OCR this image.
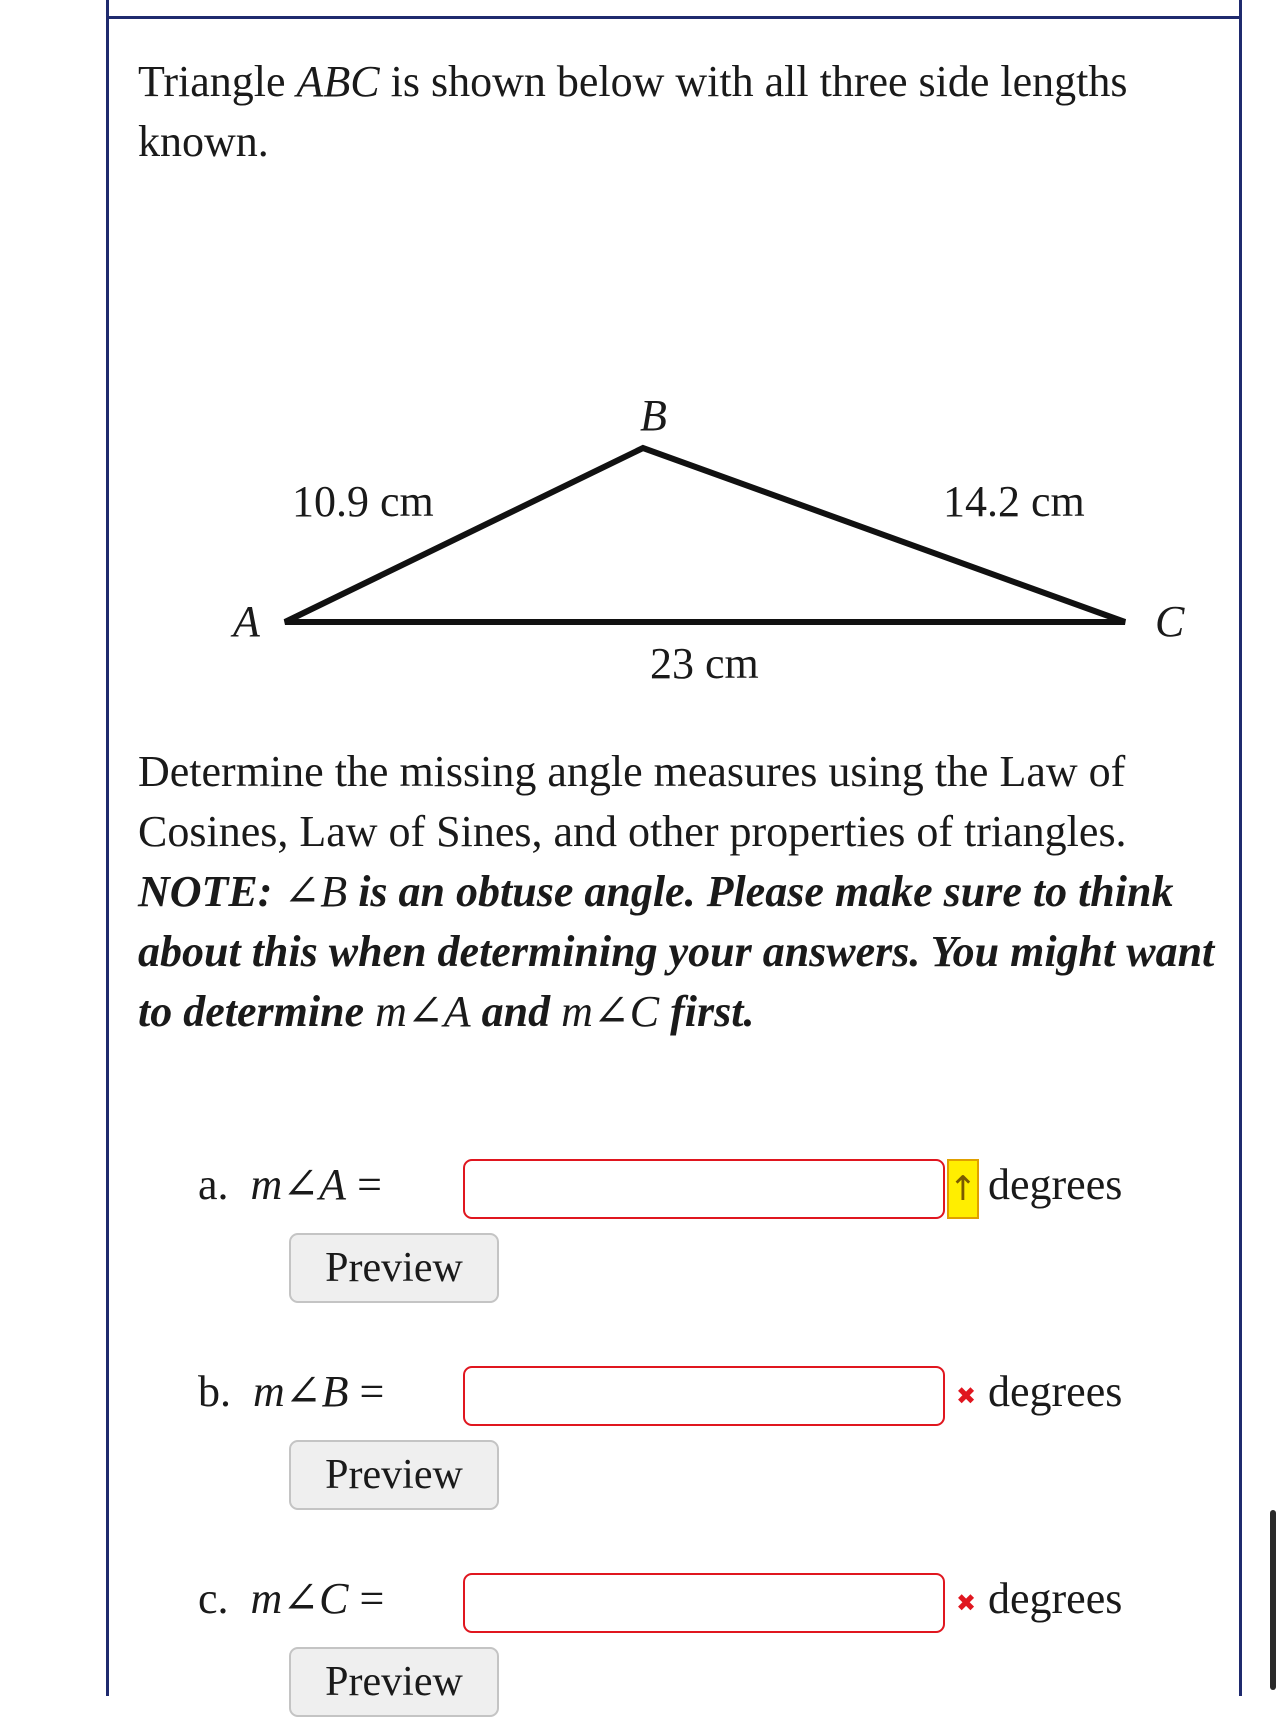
Triangle ABC is shown below with all three side lengths known.
A
B
C
10.9 cm	14.2 cm
23 cm
Determine the missing angle measures using the Law of Cosines, Law of Sines, and other properties of triangles. NOTE: ∠B is an obtuse angle. Please make sure to think about this when determining your answers. You might want to determine m∠A and m∠C first.
a. m∠A =	↑ degrees
Preview
b. m∠B =	✖ degrees
Preview
c. m∠C =	✖ degrees
Preview
